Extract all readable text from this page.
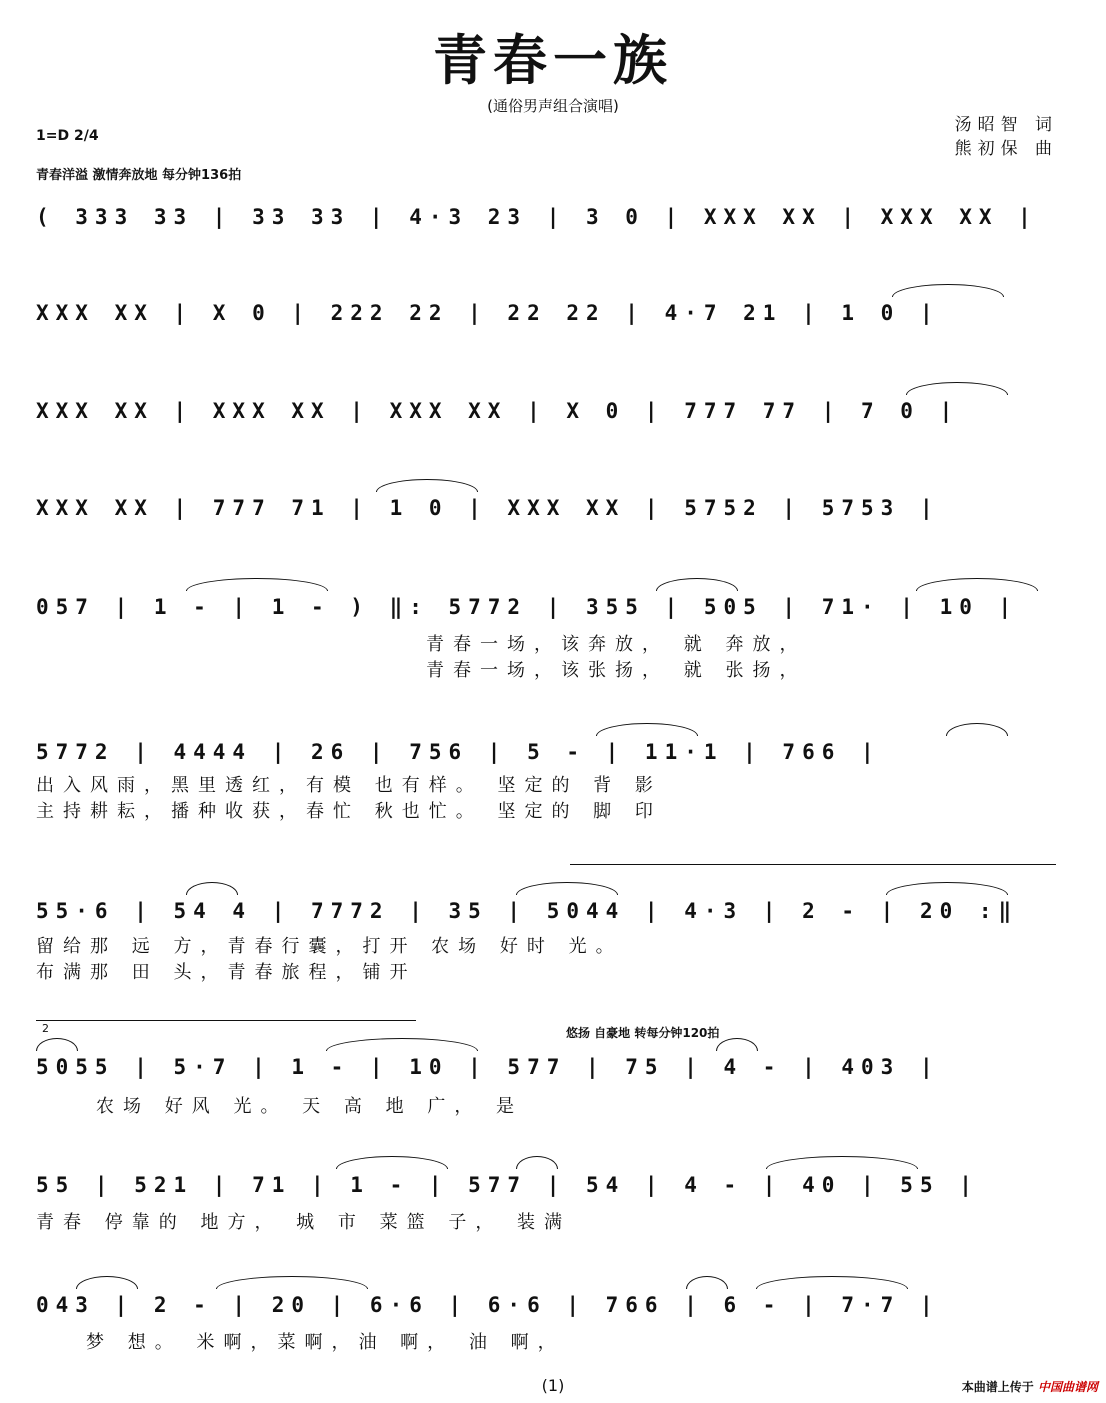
青春一族
(通俗男声组合演唱)
汤昭智 词
熊初保 曲
1=D 2/4
青春洋溢 激情奔放地 每分钟136拍
( 333 33 | 33 33 | 4·3 23 | 3 0 | XXX XX | XXX XX |
XXX XX | X 0 | 222 22 | 22 22 | 4·7 21 | 1 0 |
XXX XX | XXX XX | XXX XX | X 0 | 777 77 | 7 0 |
XXX XX | 777 71 | 1 0 | XXX XX | 5752 | 5753 |
057 | 1 - | 1 - ) ‖: 5772 | 355 | 505 | 71· | 10 |
青春一场，该奔放， 就 奔放，
青春一场，该张扬， 就 张扬，
5772 | 4444 | 26 | 756 | 5 - | 11·1 | 766 |
出入风雨，黑里透红，有模 也有样。 坚定的 背 影
主持耕耘，播种收获，春忙 秋也忙。 坚定的 脚 印
55·6 | 54 4 | 7772 | 35 | 5044 | 4·3 | 2 - | 20 :‖
留给那 远 方，青春行囊，打开 农场 好时 光。
布满那 田 头，青春旅程，铺开
悠扬 自豪地 转每分钟120拍
2
5055 | 5·7 | 1 - | 10 | 577 | 75 | 4 - | 403 |
农场 好风 光。 天 高 地 广， 是
55 | 521 | 71 | 1 - | 577 | 54 | 4 - | 40 | 55 |
青春 停靠的 地方， 城 市 菜篮 子， 装满
043 | 2 - | 20 | 6·6 | 6·6 | 766 | 6 - | 7·7 |
梦 想。 米啊，菜啊，油 啊， 油 啊，
(1)	本曲谱上传于 中国曲谱网
